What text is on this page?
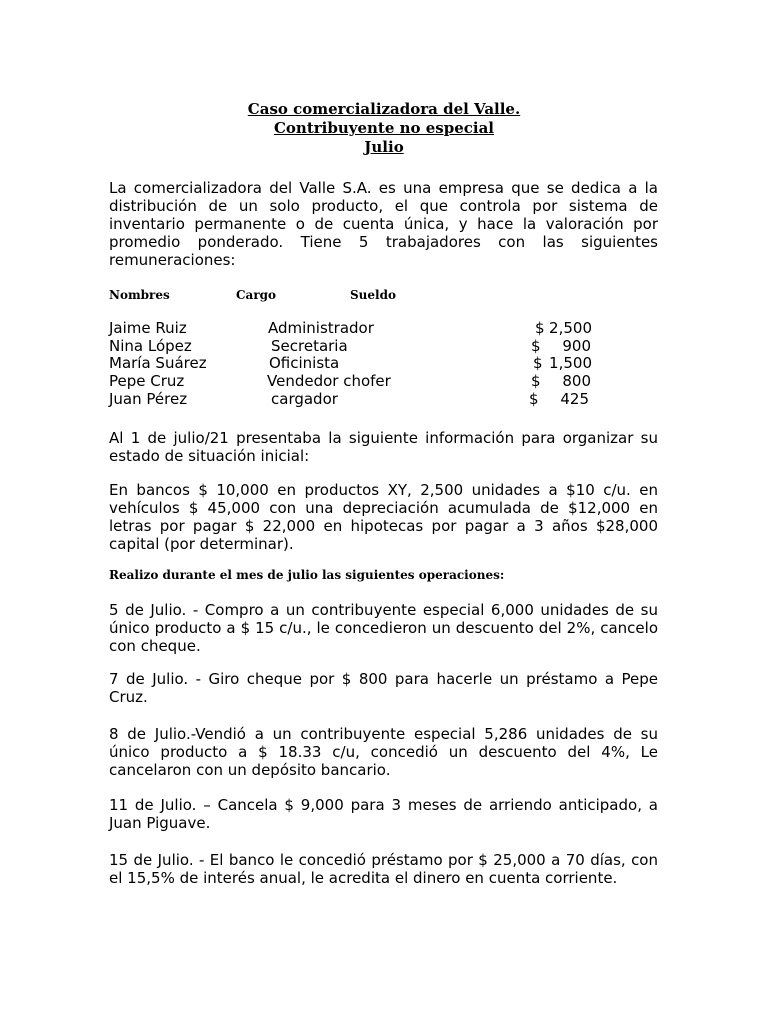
Caso comercializadora del Valle.
Contribuyente no especial
Julio

La comercializadora del Valle S.A. es una empresa que se dedica a la distribución de un solo producto, el que controla por sistema de inventario permanente o de cuenta única, y hace la valoración por promedio ponderado. Tiene 5 trabajadores con las siguientes remuneraciones:

Nombres	Cargo	Sueldo
Jaime Ruiz	Administrador	$ 2,500
Nina López	Secretaria	$	900
María Suárez	Oficinista	$ 1,500
Pepe Cruz	Vendedor chofer	$	800
Juan Pérez	cargador	$	425

Al 1 de julio/21 presentaba la siguiente información para organizar su estado de situación inicial:

En bancos $ 10,000 en productos XY, 2,500 unidades a $10 c/u. en vehículos $ 45,000 con una depreciación acumulada de $12,000 en letras por pagar $ 22,000 en hipotecas por pagar a 3 años $28,000 capital (por determinar).

Realizo durante el mes de julio las siguientes operaciones:

5 de Julio. - Compro a un contribuyente especial 6,000 unidades de su único producto a $ 15 c/u., le concedieron un descuento del 2%, cancelo con cheque.

7 de Julio. - Giro cheque por $ 800 para hacerle un préstamo a Pepe Cruz.

8 de Julio.-Vendió a un contribuyente especial 5,286 unidades de su único producto a $ 18.33 c/u, concedió un descuento del 4%, Le cancelaron con un depósito bancario.

11 de Julio. – Cancela $ 9,000 para 3 meses de arriendo anticipado, a Juan Piguave.

15 de Julio. - El banco le concedió préstamo por $ 25,000 a 70 días, con el 15,5% de interés anual, le acredita el dinero en cuenta corriente.
